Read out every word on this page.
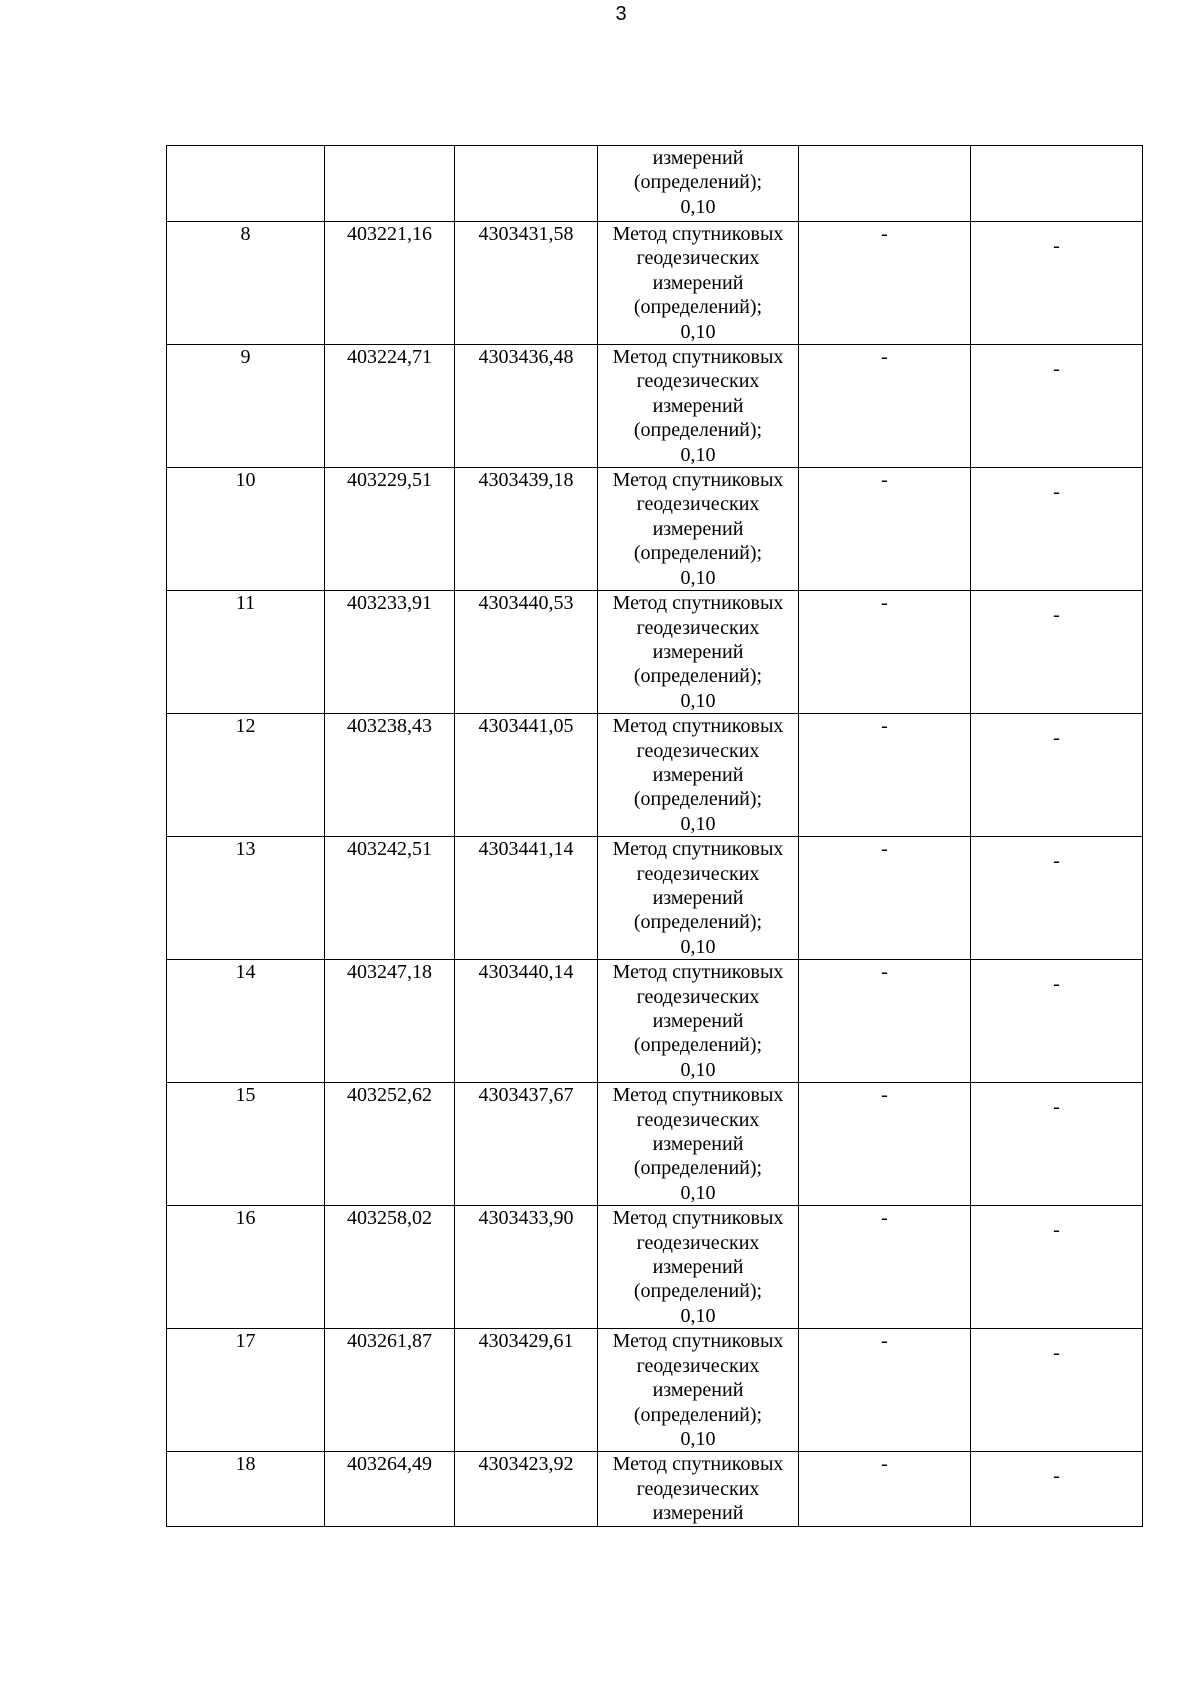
3

			измерений
(определений);
0,10		

8	403221,16	4303431,58	Метод спутниковых
геодезических
измерений
(определений);
0,10	-	-

9	403224,71	4303436,48	Метод спутниковых
геодезических
измерений
(определений);
0,10	-	-

10	403229,51	4303439,18	Метод спутниковых
геодезических
измерений
(определений);
0,10	-	-

11	403233,91	4303440,53	Метод спутниковых
геодезических
измерений
(определений);
0,10	-	-

12	403238,43	4303441,05	Метод спутниковых
геодезических
измерений
(определений);
0,10	-	-

13	403242,51	4303441,14	Метод спутниковых
геодезических
измерений
(определений);
0,10	-	-

14	403247,18	4303440,14	Метод спутниковых
геодезических
измерений
(определений);
0,10	-	-

15	403252,62	4303437,67	Метод спутниковых
геодезических
измерений
(определений);
0,10	-	-

16	403258,02	4303433,90	Метод спутниковых
геодезических
измерений
(определений);
0,10	-	-

17	403261,87	4303429,61	Метод спутниковых
геодезических
измерений
(определений);
0,10	-	-

18	403264,49	4303423,92	Метод спутниковых
геодезических
измерений	-	-
